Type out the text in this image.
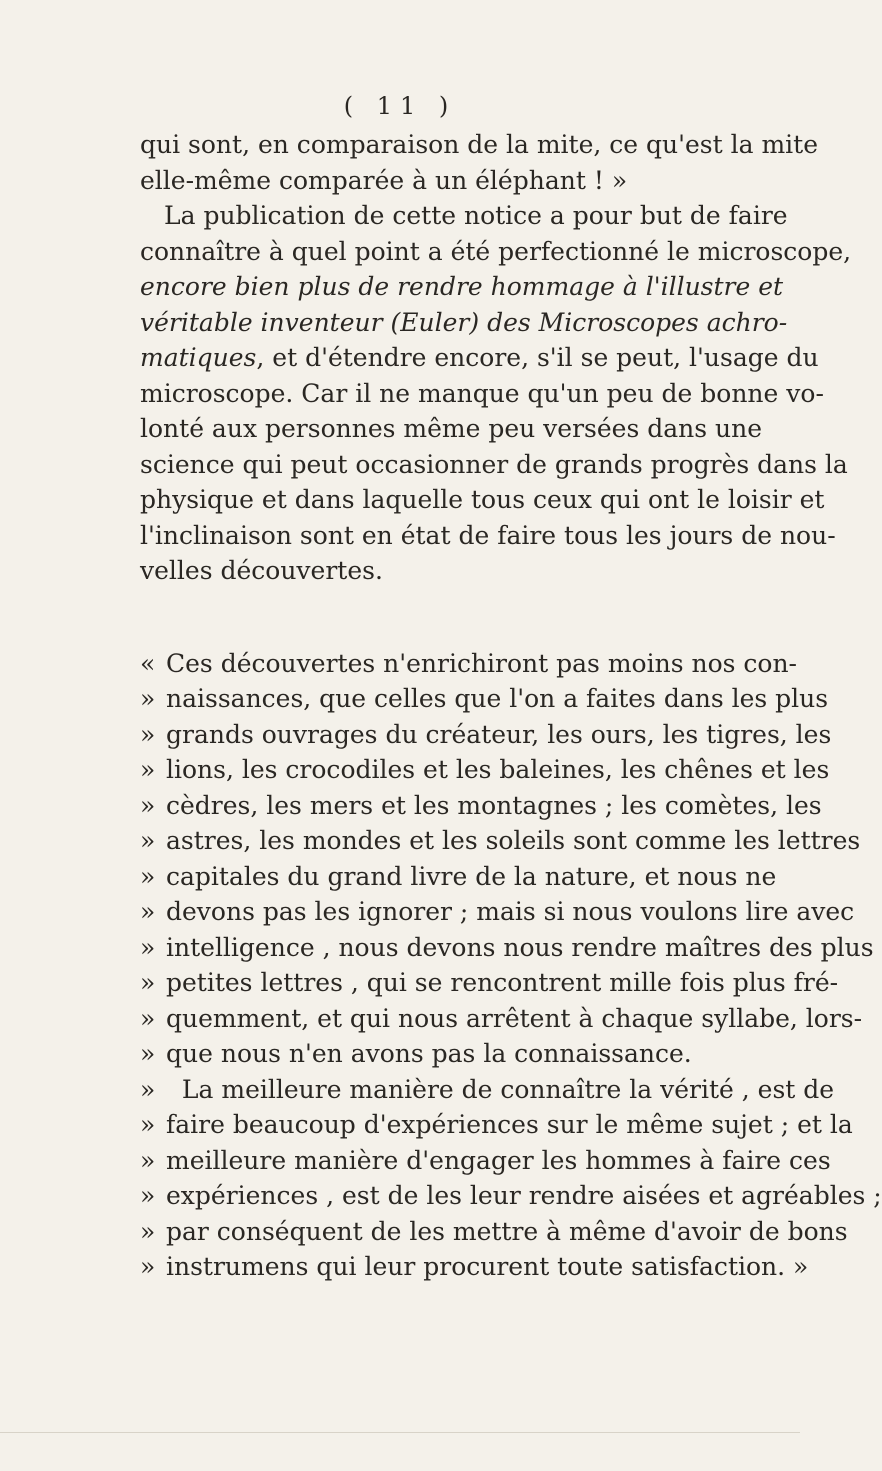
( 11 )
qui sont, en comparaison de la mite, ce qu'est la mite
elle-même comparée à un éléphant ! »
La publication de cette notice a pour but de faire
connaître à quel point a été perfectionné le microscope,
encore bien plus de rendre hommage à l'illustre et
véritable inventeur (Euler) des Microscopes achro-
matiques, et d'étendre encore, s'il se peut, l'usage du
microscope. Car il ne manque qu'un peu de bonne vo-
lonté aux personnes même peu versées dans une
science qui peut occasionner de grands progrès dans la
physique et dans laquelle tous ceux qui ont le loisir et
l'inclinaison sont en état de faire tous les jours de nou-
velles découvertes.
« Ces découvertes n'enrichiront pas moins nos con-
» naissances, que celles que l'on a faites dans les plus
» grands ouvrages du créateur, les ours, les tigres, les
» lions, les crocodiles et les baleines, les chênes et les
» cèdres, les mers et les montagnes ; les comètes, les
» astres, les mondes et les soleils sont comme les lettres
» capitales du grand livre de la nature, et nous ne
» devons pas les ignorer ; mais si nous voulons lire avec
» intelligence , nous devons nous rendre maîtres des plus
» petites lettres , qui se rencontrent mille fois plus fré-
» quemment, et qui nous arrêtent à chaque syllabe, lors-
» que nous n'en avons pas la connaissance.
» La meilleure manière de connaître la vérité , est de
» faire beaucoup d'expériences sur le même sujet ; et la
» meilleure manière d'engager les hommes à faire ces
» expériences , est de les leur rendre aisées et agréables ;
» par conséquent de les mettre à même d'avoir de bons
» instrumens qui leur procurent toute satisfaction. »
